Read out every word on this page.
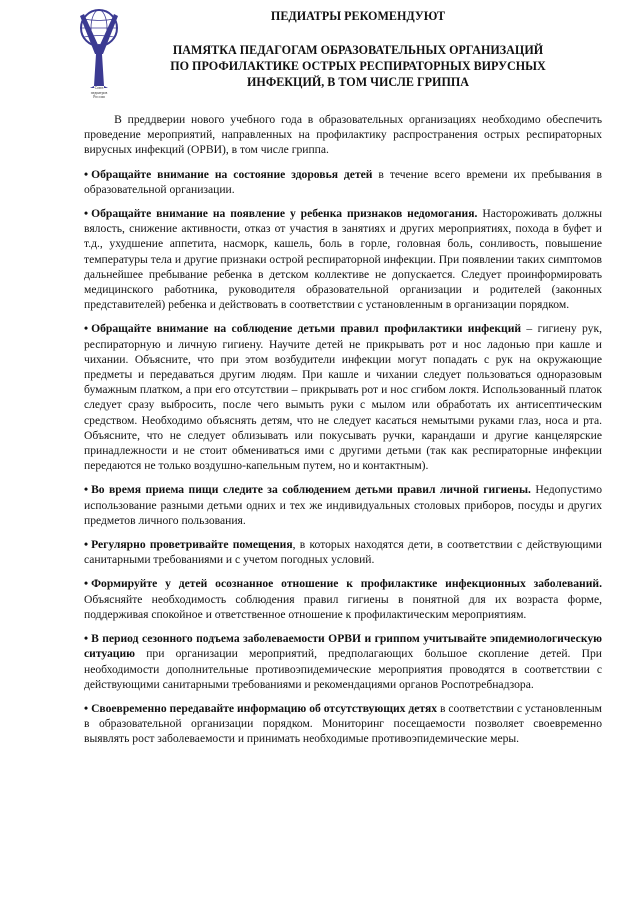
Союз
педиатров
России
ПЕДИАТРЫ РЕКОМЕНДУЮТ
ПАМЯТКА ПЕДАГОГАМ ОБРАЗОВАТЕЛЬНЫХ ОРГАНИЗАЦИЙ
ПО ПРОФИЛАКТИКЕ ОСТРЫХ РЕСПИРАТОРНЫХ ВИРУСНЫХ
ИНФЕКЦИЙ, В ТОМ ЧИСЛЕ ГРИППА

В преддверии нового учебного года в образовательных организациях необходимо обеспечить проведение мероприятий, направленных на профилактику распространения острых респираторных вирусных инфекций (ОРВИ), в том числе гриппа.

• Обращайте внимание на состояние здоровья детей в течение всего времени их пребывания в образовательной организации.
• Обращайте внимание на появление у ребенка признаков недомогания. Настороживать должны вялость, снижение активности, отказ от участия в занятиях и других мероприятиях, похода в буфет и т.д., ухудшение аппетита, насморк, кашель, боль в горле, головная боль, сонливость, повышение температуры тела и другие признаки острой респираторной инфекции. При появлении таких симптомов дальнейшее пребывание ребенка в детском коллективе не допускается. Следует проинформировать медицинского работника, руководителя образовательной организации и родителей (законных представителей) ребенка и действовать в соответствии с установленным в организации порядком.
• Обращайте внимание на соблюдение детьми правил профилактики инфекций – гигиену рук, респираторную и личную гигиену. Научите детей не прикрывать рот и нос ладонью при кашле и чихании. Объясните, что при этом возбудители инфекции могут попадать с рук на окружающие предметы и передаваться другим людям. При кашле и чихании следует пользоваться одноразовым бумажным платком, а при его отсутствии – прикрывать рот и нос сгибом локтя. Использованный платок следует сразу выбросить, после чего вымыть руки с мылом или обработать их антисептическим средством. Необходимо объяснять детям, что не следует касаться немытыми руками глаз, носа и рта. Объясните, что не следует облизывать или покусывать ручки, карандаши и другие канцелярские принадлежности и не стоит обмениваться ими с другими детьми (так как респираторные инфекции передаются не только воздушно-капельным путем, но и контактным).
• Во время приема пищи следите за соблюдением детьми правил личной гигиены. Недопустимо использование разными детьми одних и тех же индивидуальных столовых приборов, посуды и других предметов личного пользования.
• Регулярно проветривайте помещения, в которых находятся дети, в соответствии с действующими санитарными требованиями и с учетом погодных условий.
• Формируйте у детей осознанное отношение к профилактике инфекционных заболеваний. Объясняйте необходимость соблюдения правил гигиены в понятной для их возраста форме, поддерживая спокойное и ответственное отношение к профилактическим мероприятиям.
• В период сезонного подъема заболеваемости ОРВИ и гриппом учитывайте эпидемиологическую ситуацию при организации мероприятий, предполагающих большое скопление детей. При необходимости дополнительные противоэпидемические мероприятия проводятся в соответствии с действующими санитарными требованиями и рекомендациями органов Роспотребнадзора.
• Своевременно передавайте информацию об отсутствующих детях в соответствии с установленным в образовательной организации порядком. Мониторинг посещаемости позволяет своевременно выявлять рост заболеваемости и принимать необходимые противоэпидемические меры.
